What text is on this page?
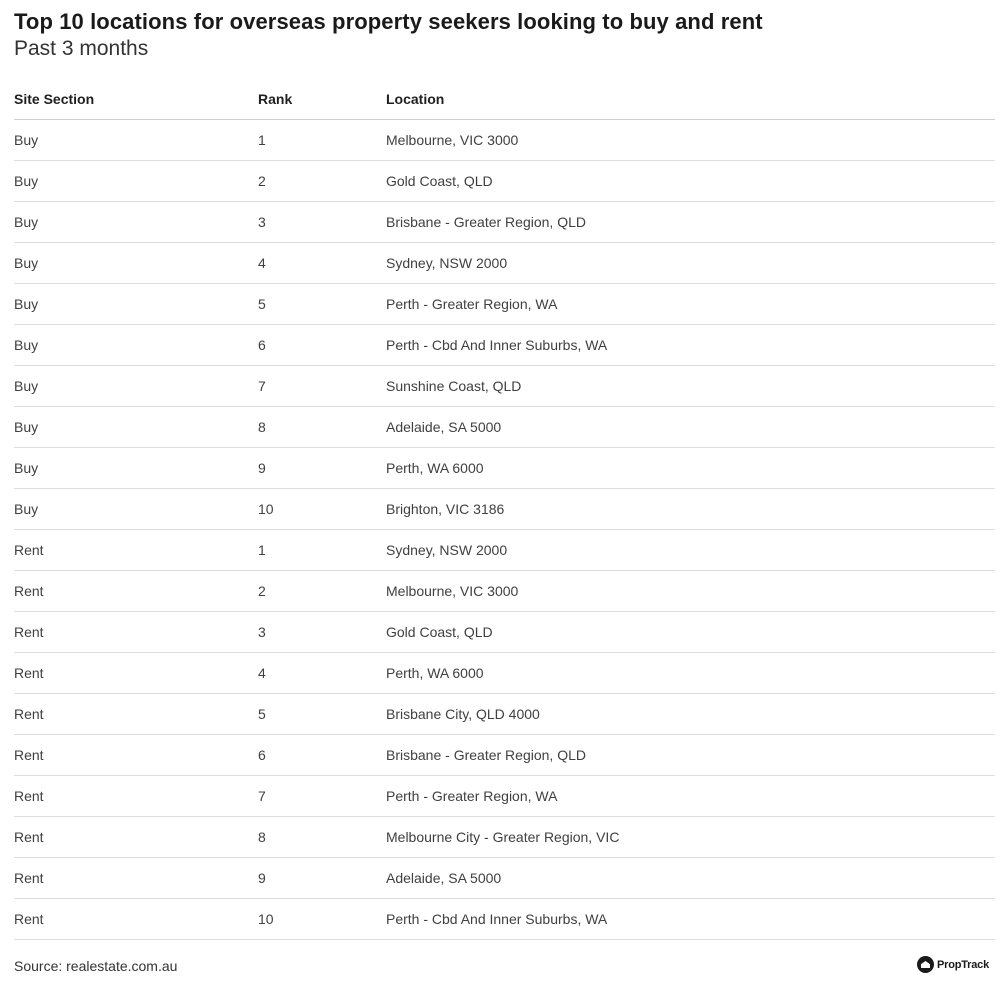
Top 10 locations for overseas property seekers looking to buy and rent
Past 3 months
Site Section	Rank	Location
Buy	1	Melbourne, VIC 3000
Buy	2	Gold Coast, QLD
Buy	3	Brisbane - Greater Region, QLD
Buy	4	Sydney, NSW 2000
Buy	5	Perth - Greater Region, WA
Buy	6	Perth - Cbd And Inner Suburbs, WA
Buy	7	Sunshine Coast, QLD
Buy	8	Adelaide, SA 5000
Buy	9	Perth, WA 6000
Buy	10	Brighton, VIC 3186
Rent	1	Sydney, NSW 2000
Rent	2	Melbourne, VIC 3000
Rent	3	Gold Coast, QLD
Rent	4	Perth, WA 6000
Rent	5	Brisbane City, QLD 4000
Rent	6	Brisbane - Greater Region, QLD
Rent	7	Perth - Greater Region, WA
Rent	8	Melbourne City - Greater Region, VIC
Rent	9	Adelaide, SA 5000
Rent	10	Perth - Cbd And Inner Suburbs, WA
Source: realestate.com.au	PropTrack
